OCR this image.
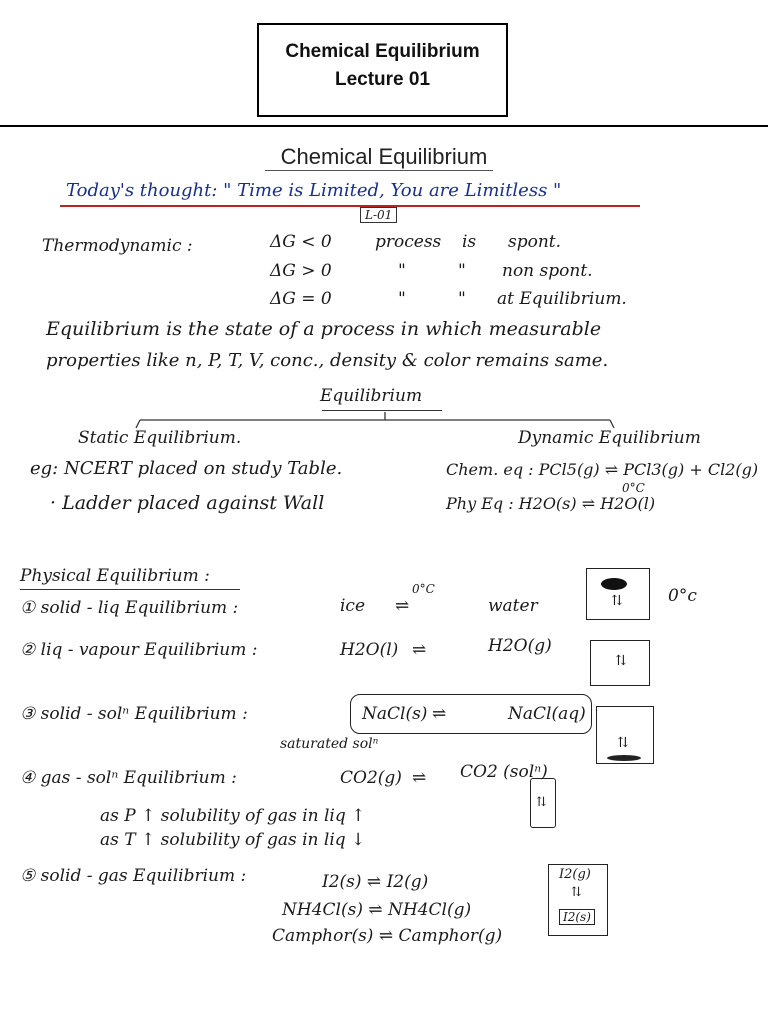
Chemical Equilibrium
Lecture 01
Chemical Equilibrium
Today's thought: " Time is Limited, You are Limitless "
L-01
Thermodynamic :	ΔG < 0	process is spont.
ΔG > 0	"	" non spont.
ΔG = 0	"	" at Equilibrium.
Equilibrium is the state of a process in which measurable
properties like n, P, T, V, conc., density & color remains same.
Equilibrium
Static Equilibrium.
eg: NCERT placed on study Table.
· Ladder placed against Wall
Dynamic Equilibrium
Chem. eq : PCl5(g) ⇌ PCl3(g) + Cl2(g)
0°C
Phy Eq : H2O(s) ⇌ H2O(l)
Physical Equilibrium :
① solid - liq Equilibrium :	ice
0°C
⇌	water	⇅	0°c
② liq - vapour Equilibrium :	H2O(l) ⇌	H2O(g)
⇅
③ solid - solⁿ Equilibrium :	NaCl(s) ⇌	NaCl(aq)
saturated solⁿ	⇅
④ gas - solⁿ Equilibrium :	CO2(g) ⇌ CO2 (solⁿ)
⇅
as P ↑ solubility of gas in liq ↑
as T ↑ solubility of gas in liq ↓
⑤ solid - gas Equilibrium :	I2(s) ⇌ I2(g)
NH4Cl(s) ⇌ NH4Cl(g)
Camphor(s) ⇌ Camphor(g)
I2(g)
⇅
I2(s)
